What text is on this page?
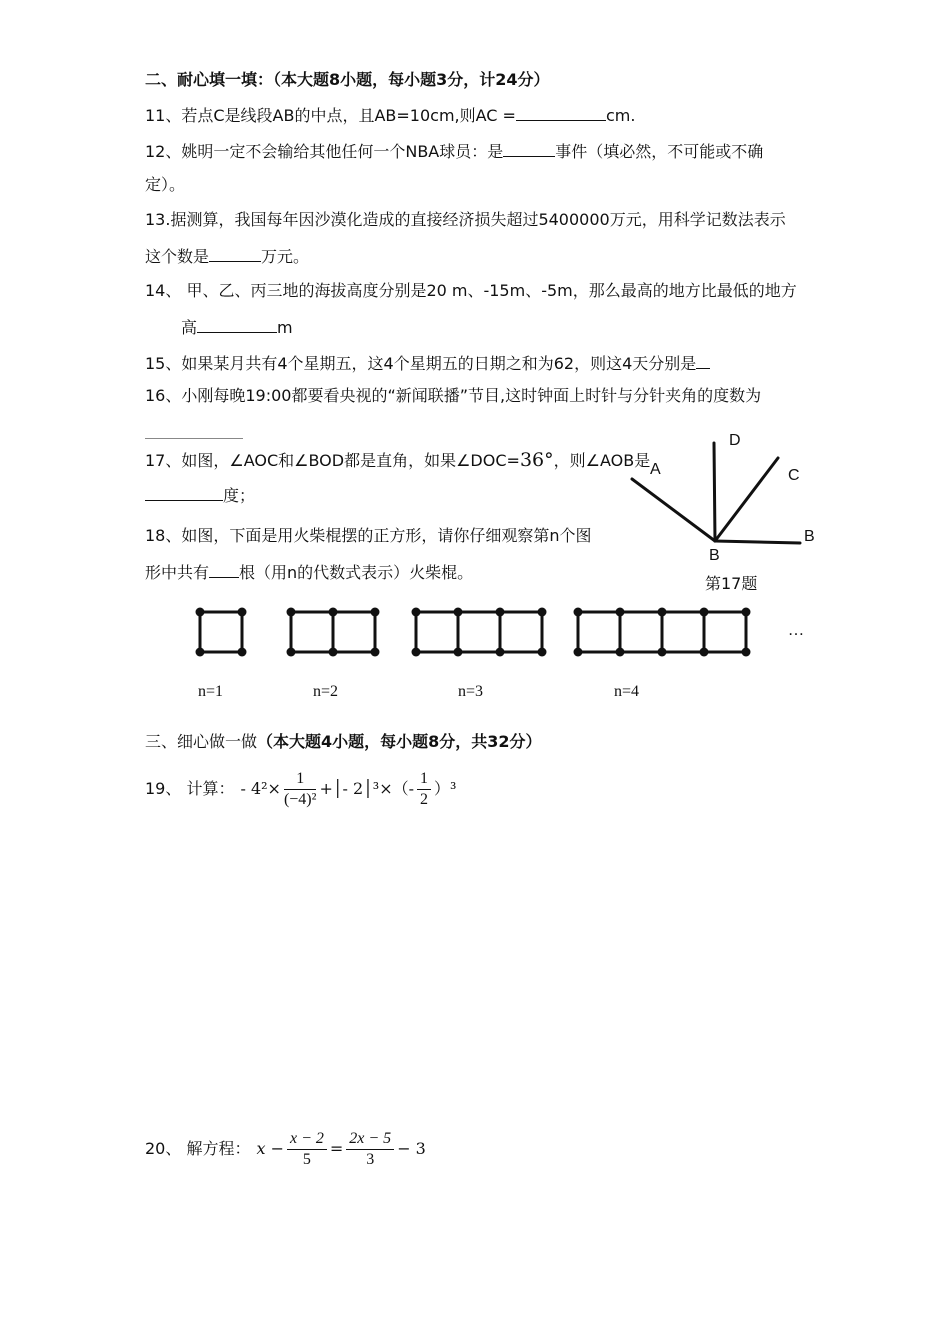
二、耐心填一填：（本大题8小题，每小题3分，计24分）
11、若点C是线段AB的中点，且AB=10cm,则AC =	cm.
12、姚明一定不会输给其他任何一个NBA球员：是	事件（填必然，不可能或不确
定）。
13.据测算，我国每年因沙漠化造成的直接经济损失超过5400000万元，用科学记数法表示
这个数是	万元。
14、 甲、乙、丙三地的海拔高度分别是20 m、-15m、-5m，那么最高的地方比最低的地方
高	m
15、如果某月共有4个星期五，这4个星期五的日期之和为62，则这4天分别是
16、小刚每晚19:00都要看央视的“新闻联播”节目,这时钟面上时针与分针夹角的度数为
17、如图，∠AOC和∠BOD都是直角，如果∠DOC=36°，则∠AOB是
度；
A
D
C
B
B
第17题
18、如图，下面是用火柴棍摆的正方形，请你仔细观察第n个图
形中共有 根（用n的代数式表示）火柴棍。
n=1	n=2	n=3	n=4
…
三、细心做一做（本大题4小题，每小题8分，共32分）
19、 计算： - $4^2\times \frac{1}{\text{(−4)²}}$ +│- 2│³×（- $\frac{1}{2} )^3$
20、 解方程： $x - \frac{x - 2}{5} = \frac{2x - 5}{3} - 3$
